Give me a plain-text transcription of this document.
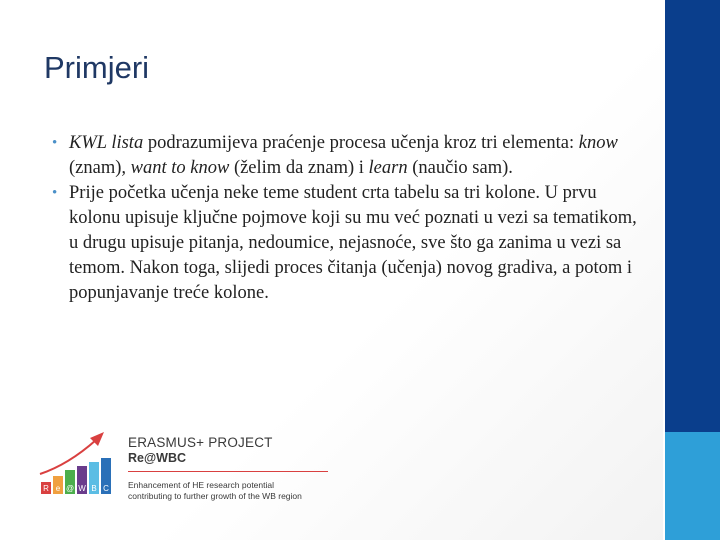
Primjeri
• KWL lista podrazumijeva praćenje procesa učenja kroz tri elementa: know (znam), want to know (želim da znam) i learn (naučio sam).
• Prije početka učenja neke teme student crta tabelu sa tri kolone. U prvu kolonu upisuje ključne pojmove koji su mu već poznati u vezi sa tematikom, u drugu upisuje pitanja, nedoumice, nejasnoće, sve što ga zanima u vezi sa temom. Nakon toga, slijedi proces čitanja (učenja) novog gradiva, a potom i popunjavanje treće kolone.
R e @ W B C
ERASMUS+ PROJECT
Re@WBC
Enhancement of HE research potential
contributing to further growth of the WB region
